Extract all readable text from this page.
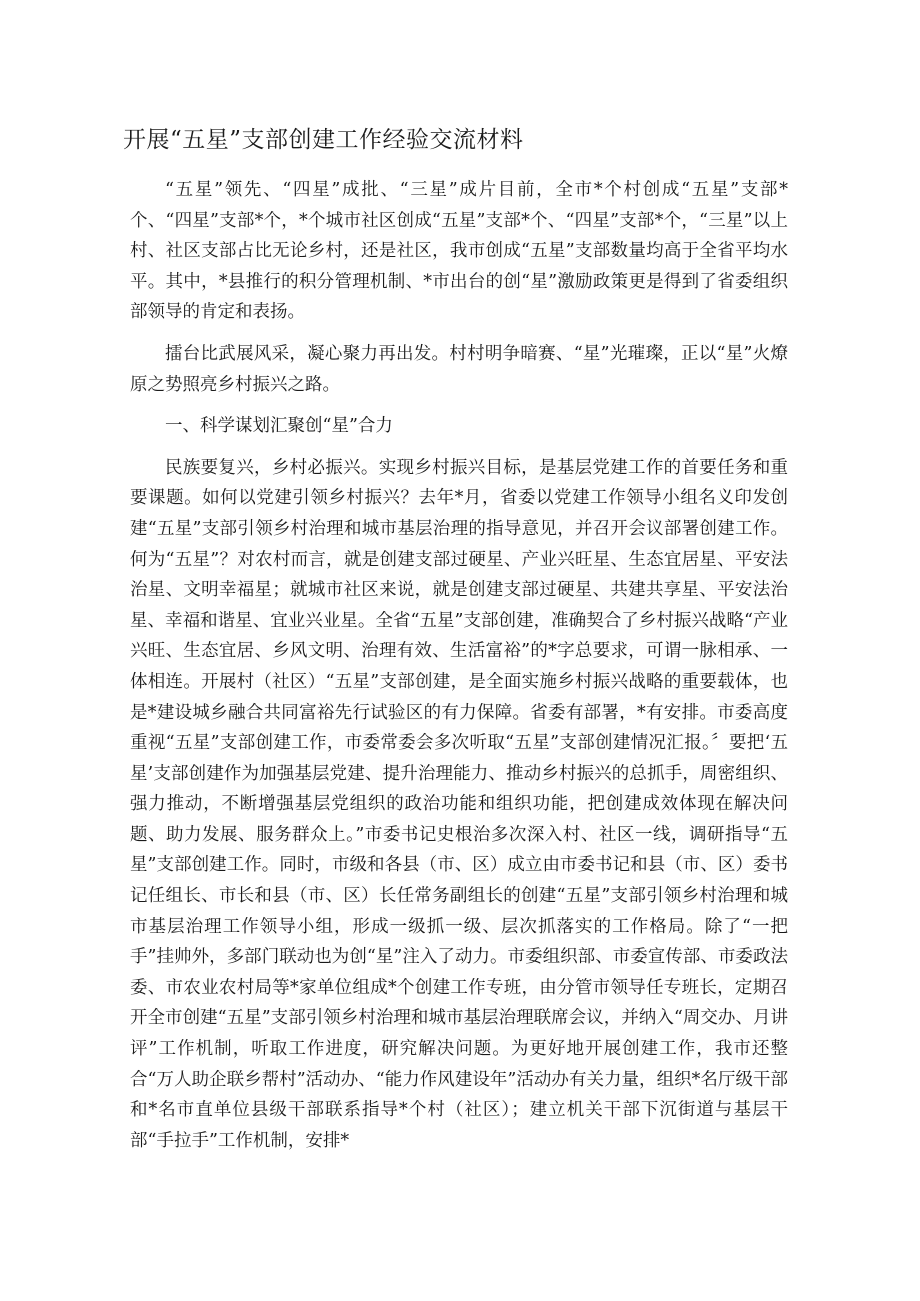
开展“五星”支部创建工作经验交流材料

“五星”领先、“四星”成批、“三星”成片目前，全市*个村创成“五星”支部*个、“四星”支部*个，*个城市社区创成“五星”支部*个、“四星”支部*个，“三星”以上村、社区支部占比无论乡村，还是社区，我市创成“五星”支部数量均高于全省平均水平。其中，*县推行的积分管理机制、*市出台的创“星”激励政策更是得到了省委组织部领导的肯定和表扬。

擂台比武展风采，凝心聚力再出发。村村明争暗赛、“星”光璀璨，正以“星”火燎原之势照亮乡村振兴之路。

一、科学谋划汇聚创“星”合力

民族要复兴，乡村必振兴。实现乡村振兴目标，是基层党建工作的首要任务和重要课题。如何以党建引领乡村振兴？去年*月，省委以党建工作领导小组名义印发创建“五星”支部引领乡村治理和城市基层治理的指导意见，并召开会议部署创建工作。何为“五星”？对农村而言，就是创建支部过硬星、产业兴旺星、生态宜居星、平安法治星、文明幸福星；就城市社区来说，就是创建支部过硬星、共建共享星、平安法治星、幸福和谐星、宜业兴业星。全省“五星”支部创建，准确契合了乡村振兴战略“产业兴旺、生态宜居、乡风文明、治理有效、生活富裕”的*字总要求，可谓一脉相承、一体相连。开展村（社区）“五星”支部创建，是全面实施乡村振兴战略的重要载体，也是*建设城乡融合共同富裕先行试验区的有力保障。省委有部署，*有安排。市委高度重视“五星”支部创建工作，市委常委会多次听取“五星”支部创建情况汇报。〞要把‘五星’支部创建作为加强基层党建、提升治理能力、推动乡村振兴的总抓手，周密组织、强力推动，不断增强基层党组织的政治功能和组织功能，把创建成效体现在解决问题、助力发展、服务群众上。”市委书记史根治多次深入村、社区一线，调研指导“五星”支部创建工作。同时，市级和各县（市、区）成立由市委书记和县（市、区）委书记任组长、市长和县（市、区）长任常务副组长的创建“五星”支部引领乡村治理和城市基层治理工作领导小组，形成一级抓一级、层次抓落实的工作格局。除了“一把手”挂帅外，多部门联动也为创“星”注入了动力。市委组织部、市委宣传部、市委政法委、市农业农村局等*家单位组成*个创建工作专班，由分管市领导任专班长，定期召开全市创建“五星”支部引领乡村治理和城市基层治理联席会议，并纳入“周交办、月讲评”工作机制，听取工作进度，研究解决问题。为更好地开展创建工作，我市还整合“万人助企联乡帮村”活动办、“能力作风建设年”活动办有关力量，组织*名厅级干部和*名市直单位县级干部联系指导*个村（社区）；建立机关干部下沉街道与基层干部“手拉手”工作机制，安排*
